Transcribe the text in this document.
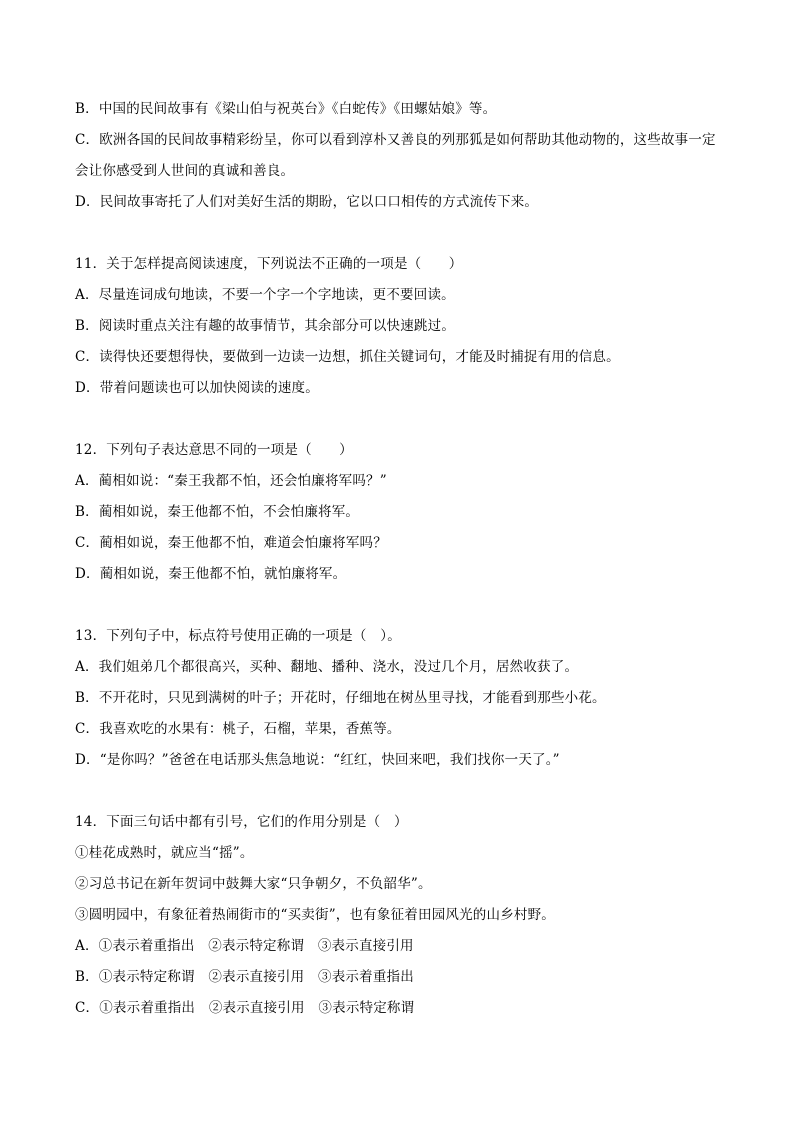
B．中国的民间故事有《梁山伯与祝英台》《白蛇传》《田螺姑娘》等。
C．欧洲各国的民间故事精彩纷呈，你可以看到淳朴又善良的列那狐是如何帮助其他动物的，这些故事一定
会让你感受到人世间的真诚和善良。
D．民间故事寄托了人们对美好生活的期盼，它以口口相传的方式流传下来。
11．关于怎样提高阅读速度，下列说法不正确的一项是（　　）
A．尽量连词成句地读，不要一个字一个字地读，更不要回读。
B．阅读时重点关注有趣的故事情节，其余部分可以快速跳过。
C．读得快还要想得快，要做到一边读一边想，抓住关键词句，才能及时捕捉有用的信息。
D．带着问题读也可以加快阅读的速度。
12．下列句子表达意思不同的一项是（　　）
A．蔺相如说：“秦王我都不怕，还会怕廉将军吗？”
B．蔺相如说，秦王他都不怕，不会怕廉将军。
C．蔺相如说，秦王他都不怕，难道会怕廉将军吗？
D．蔺相如说，秦王他都不怕，就怕廉将军。
13．下列句子中，标点符号使用正确的一项是（　）。
A．我们姐弟几个都很高兴，买种、翻地、播种、浇水，没过几个月，居然收获了。
B．不开花时，只见到满树的叶子；开花时，仔细地在树丛里寻找，才能看到那些小花。
C．我喜欢吃的水果有：桃子，石榴，苹果，香蕉等。
D．“是你吗？”爸爸在电话那头焦急地说：“红红，快回来吧，我们找你一天了。”
14．下面三句话中都有引号，它们的作用分别是（　）
①桂花成熟时，就应当“摇”。
②习总书记在新年贺词中鼓舞大家“只争朝夕，不负韶华”。
③圆明园中，有象征着热闹街市的“买卖街”，也有象征着田园风光的山乡村野。
A．①表示着重指出　②表示特定称谓　③表示直接引用
B．①表示特定称谓　②表示直接引用　③表示着重指出
C．①表示着重指出　②表示直接引用　③表示特定称谓
